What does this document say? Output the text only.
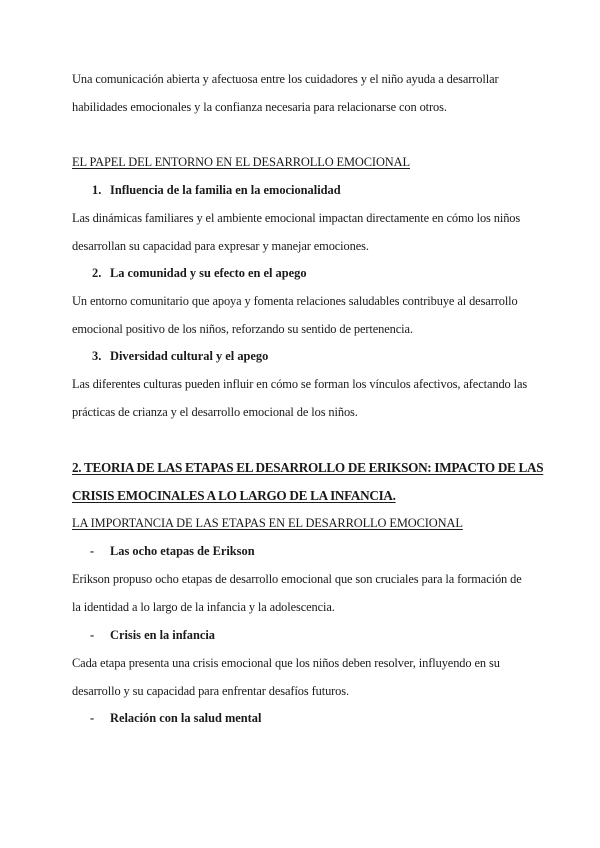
Una comunicación abierta y afectuosa entre los cuidadores y el niño ayuda a desarrollar
habilidades emocionales y la confianza necesaria para relacionarse con otros.
EL PAPEL DEL ENTORNO EN EL DESARROLLO EMOCIONAL
1. Influencia de la familia en la emocionalidad
Las dinámicas familiares y el ambiente emocional impactan directamente en cómo los niños
desarrollan su capacidad para expresar y manejar emociones.
2. La comunidad y su efecto en el apego
Un entorno comunitario que apoya y fomenta relaciones saludables contribuye al desarrollo
emocional positivo de los niños, reforzando su sentido de pertenencia.
3. Diversidad cultural y el apego
Las diferentes culturas pueden influir en cómo se forman los vínculos afectivos, afectando las
prácticas de crianza y el desarrollo emocional de los niños.
2. TEORIA DE LAS ETAPAS EL DESARROLLO DE ERIKSON: IMPACTO DE LAS
CRISIS EMOCINALES A LO LARGO DE LA INFANCIA.
LA IMPORTANCIA DE LAS ETAPAS EN EL DESARROLLO EMOCIONAL
- Las ocho etapas de Erikson
Erikson propuso ocho etapas de desarrollo emocional que son cruciales para la formación de
la identidad a lo largo de la infancia y la adolescencia.
- Crisis en la infancia
Cada etapa presenta una crisis emocional que los niños deben resolver, influyendo en su
desarrollo y su capacidad para enfrentar desafíos futuros.
- Relación con la salud mental
